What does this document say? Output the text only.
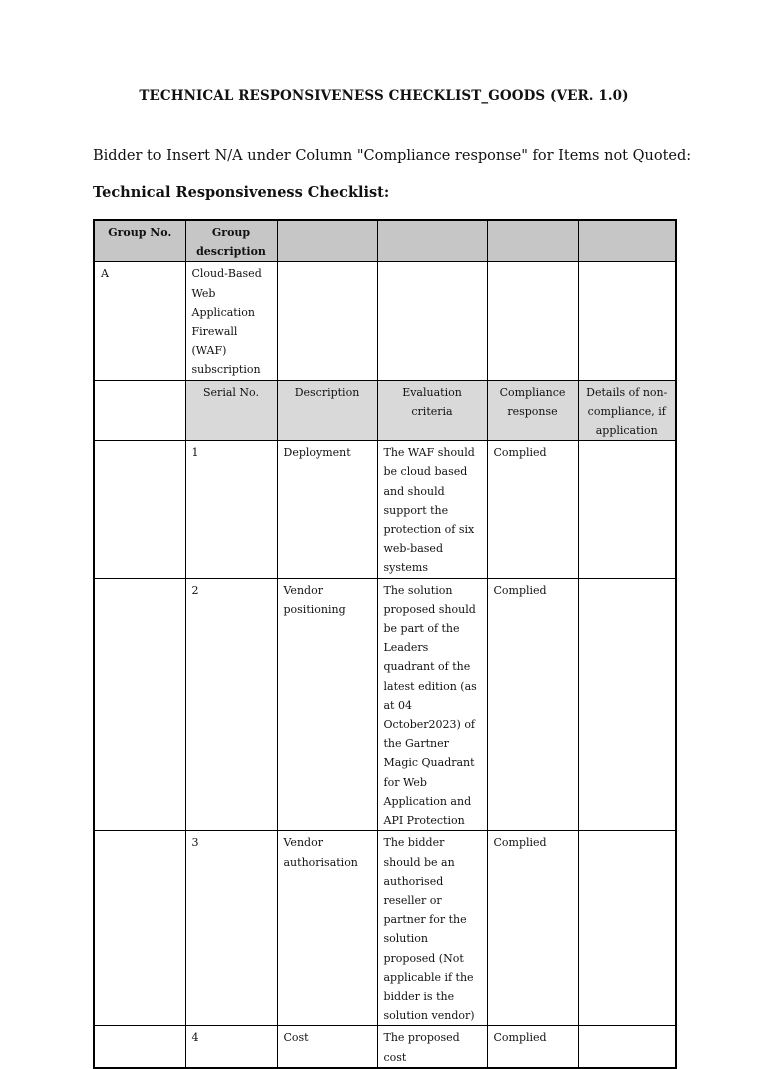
TECHNICAL RESPONSIVENESS CHECKLIST_GOODS (VER. 1.0)
Bidder to Insert N/A under Column "Compliance response" for Items not Quoted:
Technical Responsiveness Checklist:
Group No.	Group description				
A	Cloud-Based Web Application Firewall (WAF) subscription				
	Serial No.	Description	Evaluation criteria	Compliance response	Details of non-compliance, if application
	1	Deployment	The WAF should be cloud based and should support the protection of six web-based systems	Complied	
	2	Vendor positioning	The solution proposed should be part of the Leaders quadrant of the latest edition (as at 04 October2023) of the Gartner Magic Quadrant for Web Application and API Protection	Complied	
	3	Vendor authorisation	The bidder should be an authorised reseller or partner for the solution proposed (Not applicable if the bidder is the solution vendor)	Complied	
	4	Cost	The proposed cost	Complied	
